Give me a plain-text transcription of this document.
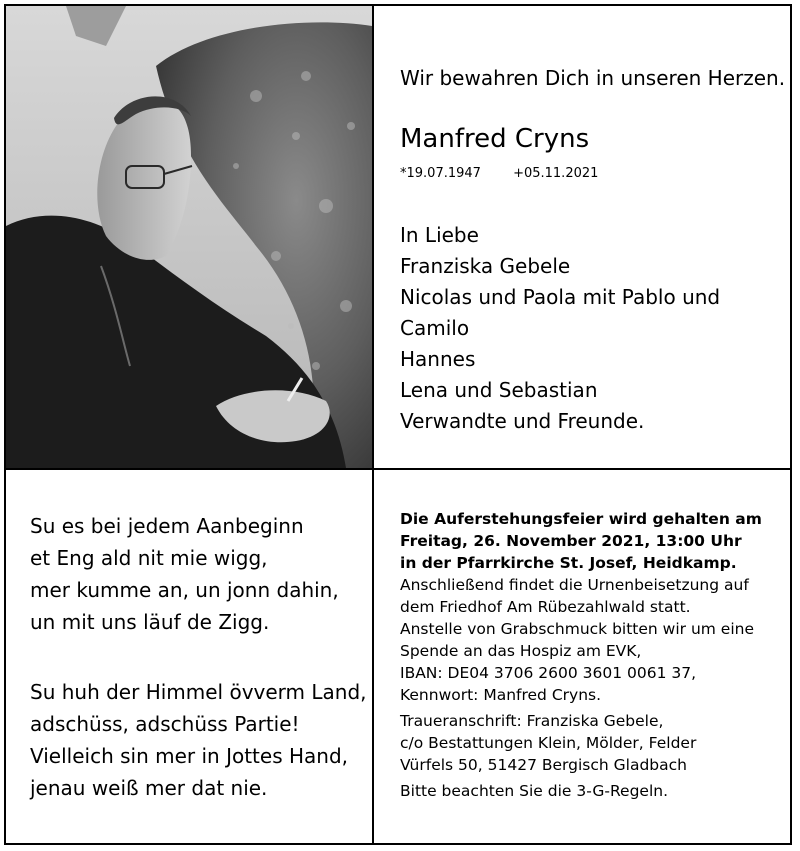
Wir bewahren Dich in unseren Herzen.
Manfred Cryns
*19.07.1947 +05.11.2021
In Liebe
Franziska Gebele
Nicolas und Paola mit Pablo und Camilo
Hannes
Lena und Sebastian
Verwandte und Freunde.
Su es bei jedem Aanbeginn
et Eng ald nit mie wigg,
mer kumme an, un jonn dahin,
un mit uns läuf de Zigg.
Su huh der Himmel övverm Land,
adschüss, adschüss Partie!
Vielleich sin mer in Jottes Hand,
jenau weiß mer dat nie.
Die Auferstehungsfeier wird gehalten am
Freitag, 26. November 2021, 13:00 Uhr
in der Pfarrkirche St. Josef, Heidkamp.
Anschließend findet die Urnenbeisetzung auf
dem Friedhof Am Rübezahlwald statt.
Anstelle von Grabschmuck bitten wir um eine
Spende an das Hospiz am EVK,
IBAN: DE04 3706 2600 3601 0061 37,
Kennwort: Manfred Cryns.
Traueranschrift: Franziska Gebele,
c/o Bestattungen Klein, Mölder, Felder
Vürfels 50, 51427 Bergisch Gladbach
Bitte beachten Sie die 3-G-Regeln.
